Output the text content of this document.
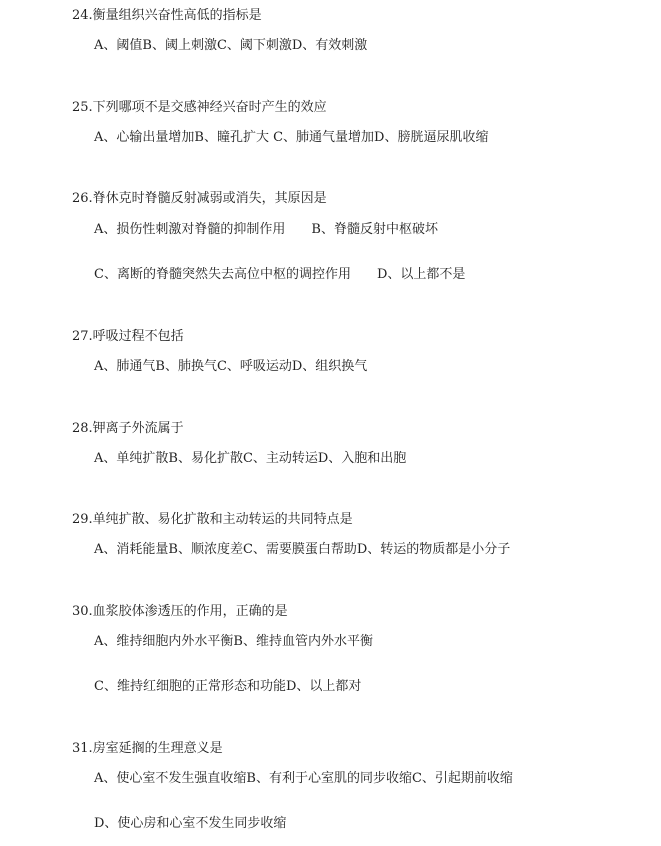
24.衡量组织兴奋性高低的指标是
A、阈值B、阈上刺激C、阈下刺激D、有效刺激
25.下列哪项不是交感神经兴奋时产生的效应
A、心输出量增加B、瞳孔扩大 C、肺通气量增加D、膀胱逼尿肌收缩
26.脊休克时脊髓反射减弱或消失，其原因是
A、损伤性刺激对脊髓的抑制作用　　B、脊髓反射中枢破坏
C、离断的脊髓突然失去高位中枢的调控作用　　D、以上都不是
27.呼吸过程不包括
A、肺通气B、肺换气C、呼吸运动D、组织换气
28.钾离子外流属于
A、单纯扩散B、易化扩散C、主动转运D、入胞和出胞
29.单纯扩散、易化扩散和主动转运的共同特点是
A、消耗能量B、顺浓度差C、需要膜蛋白帮助D、转运的物质都是小分子
30.血浆胶体渗透压的作用，正确的是
A、维持细胞内外水平衡B、维持血管内外水平衡
C、维持红细胞的正常形态和功能D、以上都对
31.房室延搁的生理意义是
A、使心室不发生强直收缩B、有利于心室肌的同步收缩C、引起期前收缩
D、使心房和心室不发生同步收缩
